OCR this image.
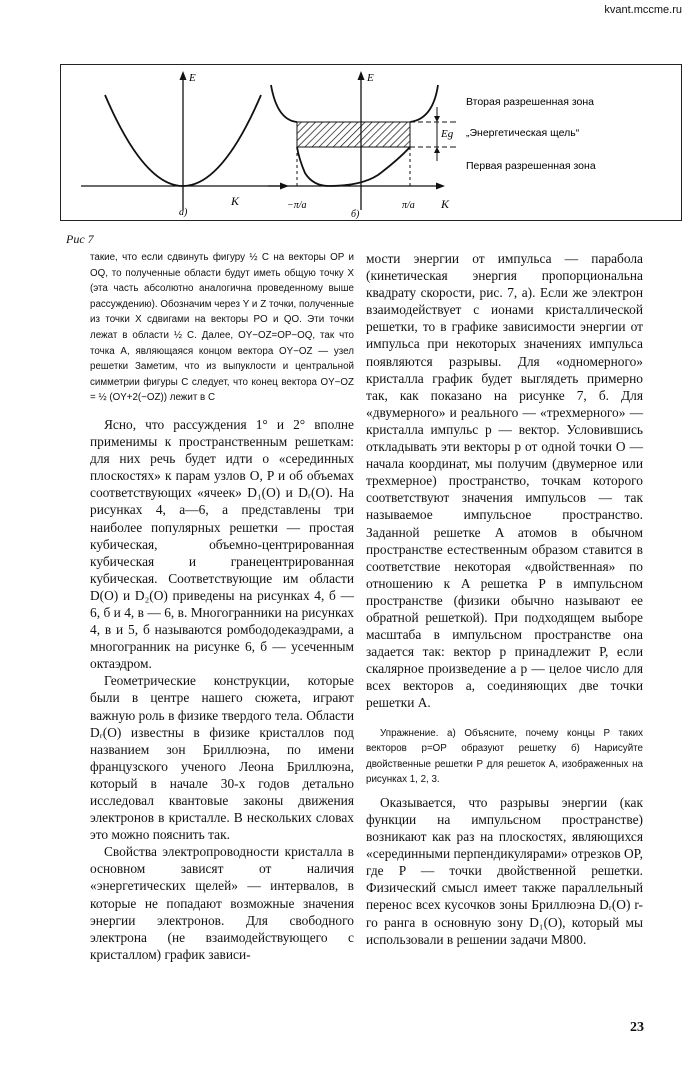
kvant.mccme.ru
E
K
а)
E
K
−π/a	π/a
б)
Eg
Вторая разрешенная зона
„Энергетическая щель“
Первая разрешенная зона
Рис 7

такие, что если сдвинуть фигуру ½ C на векторы OP и OQ, то полученные области будут иметь общую точку X (эта часть абсолютно аналогична проведенному выше рассуждению). Обозначим через Y и Z точки, полученные из точки X сдвигами на векторы PO и QO. Эти точки лежат в области ½ C. Далее, OY−OZ=OP−OQ, так что точка A, являющаяся концом вектора OY−OZ — узел решетки Заметим, что из выпуклости и центральной симметрии фигуры C следует, что конец вектора OY−OZ = ½ (OY+2(−OZ)) лежит в C

Ясно, что рассуждения 1° и 2° вполне применимы к пространственным решеткам: для них речь будет идти о «серединных плоскостях» к парам узлов O, P и об объемах соответствующих «ячеек» D₁(O) и Dᵣ(O). На рисунках 4, а—6, а представлены три наиболее популярных решетки — простая кубическая, объемно-центрированная кубическая и гранецентрированная кубическая. Соответствующие им области D(O) и D₂(O) приведены на рисунках 4, б — 6, б и 4, в — 6, в. Многогранники на рисунках 4, в и 5, б называются ромбододекаэдрами, а многогранник на рисунке 6, б — усеченным октаэдром.

Геометрические конструкции, которые были в центре нашего сюжета, играют важную роль в физике твердого тела. Области Dᵣ(O) известны в физике кристаллов под названием зон Бриллюэна, по имени французского ученого Леона Бриллюэна, который в начале 30-х годов детально исследовал квантовые законы движения электронов в кристалле. В нескольких словах это можно пояснить так.

Свойства электропроводности кристалла в основном зависят от наличия «энергетических щелей» — интервалов, в которые не попадают возможные значения энергии электронов. Для свободного электрона (не взаимодействующего с кристаллом) график зависи-

мости энергии от импульса — парабола (кинетическая энергия пропорциональна квадрату скорости, рис. 7, а). Если же электрон взаимодействует с ионами кристаллической решетки, то в графике зависимости энергии от импульса при некоторых значениях импульса появляются разрывы. Для «одномерного» кристалла график будет выглядеть примерно так, как показано на рисунке 7, б. Для «двумерного» и реального — «трехмерного» — кристалла импульс p — вектор. Условившись откладывать эти векторы p от одной точки O — начала координат, мы получим (двумерное или трехмерное) пространство, точкам которого соответствуют значения импульсов — так называемое импульсное пространство. Заданной решетке A атомов в обычном пространстве естественным образом ставится в соответствие некоторая «двойственная» по отношению к A решетка P в импульсном пространстве (физики обычно называют ее обратной решеткой). При подходящем выборе масштаба в импульсном пространстве она задается так: вектор p принадлежит P, если скалярное произведение a p — целое число для всех векторов a, соединяющих две точки решетки A.

Упражнение. а) Объясните, почему концы P таких векторов p=OP образуют решетку б) Нарисуйте двойственные решетки P для решеток A, изображенных на рисунках 1, 2, 3.

Оказывается, что разрывы энергии (как функции на импульсном пространстве) возникают как раз на плоскостях, являющихся «серединными перпендикулярами» отрезков OP, где P — точки двойственной решетки. Физический смысл имеет также параллельный перенос всех кусочков зоны Бриллюэна Dᵣ(O) r-го ранга в основную зону D₁(O), который мы использовали в решении задачи M800.

23
